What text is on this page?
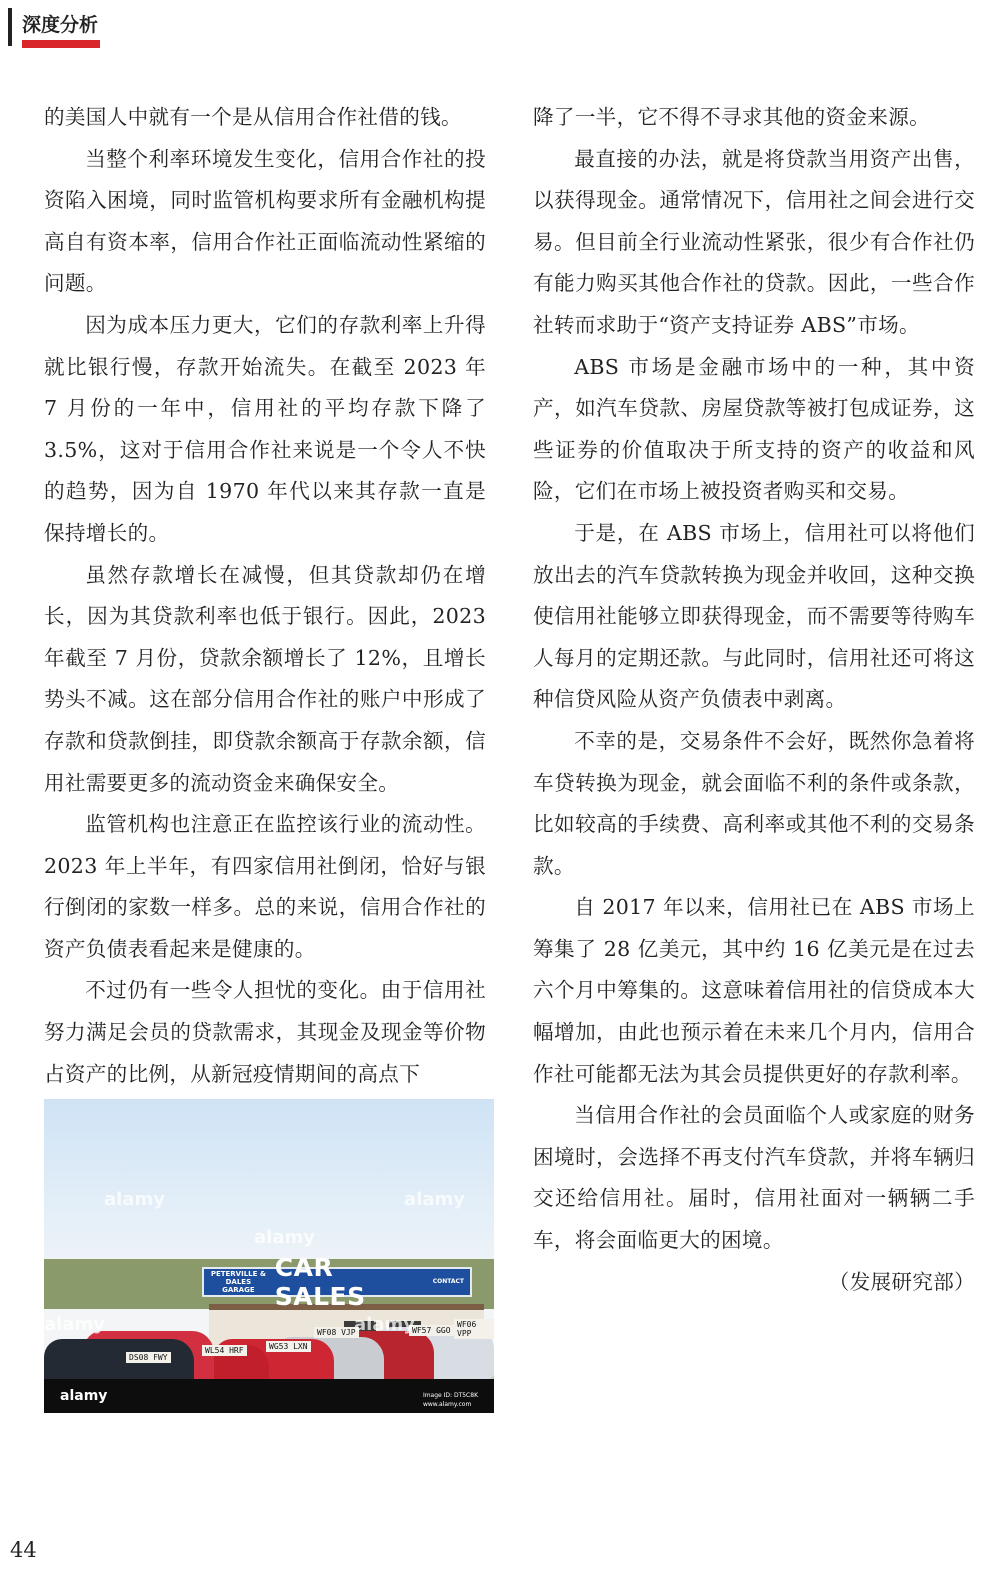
深度分析

的美国人中就有一个是从信用合作社借的钱。

当整个利率环境发生变化，信用合作社的投资陷入困境，同时监管机构要求所有金融机构提高自有资本率，信用合作社正面临流动性紧缩的问题。

因为成本压力更大，它们的存款利率上升得就比银行慢，存款开始流失。在截至 2023 年 7 月份的一年中，信用社的平均存款下降了 3.5%，这对于信用合作社来说是一个令人不快的趋势，因为自 1970 年代以来其存款一直是保持增长的。

虽然存款增长在减慢，但其贷款却仍在增长，因为其贷款利率也低于银行。因此，2023 年截至 7 月份，贷款余额增长了 12%，且增长势头不减。这在部分信用合作社的账户中形成了存款和贷款倒挂，即贷款余额高于存款余额，信用社需要更多的流动资金来确保安全。

监管机构也注意正在监控该行业的流动性。2023 年上半年，有四家信用社倒闭，恰好与银行倒闭的家数一样多。总的来说，信用合作社的资产负债表看起来是健康的。

不过仍有一些令人担忧的变化。由于信用社努力满足会员的贷款需求，其现金及现金等价物占资产的比例，从新冠疫情期间的高点下

PETERVILLE & DALES GARAGE
CAR SALES
CONTACT
DS08 FWY
WL54 HRF	WG53 LXN
WF08 VJP	WF57 GGO
WF06 VPP
alamy
alamy
alamy
alamy	alamy
alamy	Image ID: DT5C8K
www.alamy.com

降了一半，它不得不寻求其他的资金来源。

最直接的办法，就是将贷款当用资产出售，以获得现金。通常情况下，信用社之间会进行交易。但目前全行业流动性紧张，很少有合作社仍有能力购买其他合作社的贷款。因此，一些合作社转而求助于“资产支持证券 ABS”市场。

ABS 市场是金融市场中的一种，其中资产，如汽车贷款、房屋贷款等被打包成证券，这些证券的价值取决于所支持的资产的收益和风险，它们在市场上被投资者购买和交易。

于是，在 ABS 市场上，信用社可以将他们放出去的汽车贷款转换为现金并收回，这种交换使信用社能够立即获得现金，而不需要等待购车人每月的定期还款。与此同时，信用社还可将这种信贷风险从资产负债表中剥离。

不幸的是，交易条件不会好，既然你急着将车贷转换为现金，就会面临不利的条件或条款，比如较高的手续费、高利率或其他不利的交易条款。

自 2017 年以来，信用社已在 ABS 市场上筹集了 28 亿美元，其中约 16 亿美元是在过去六个月中筹集的。这意味着信用社的信贷成本大幅增加，由此也预示着在未来几个月内，信用合作社可能都无法为其会员提供更好的存款利率。

当信用合作社的会员面临个人或家庭的财务困境时，会选择不再支付汽车贷款，并将车辆归交还给信用社。届时，信用社面对一辆辆二手车，将会面临更大的困境。

（发展研究部）

44
